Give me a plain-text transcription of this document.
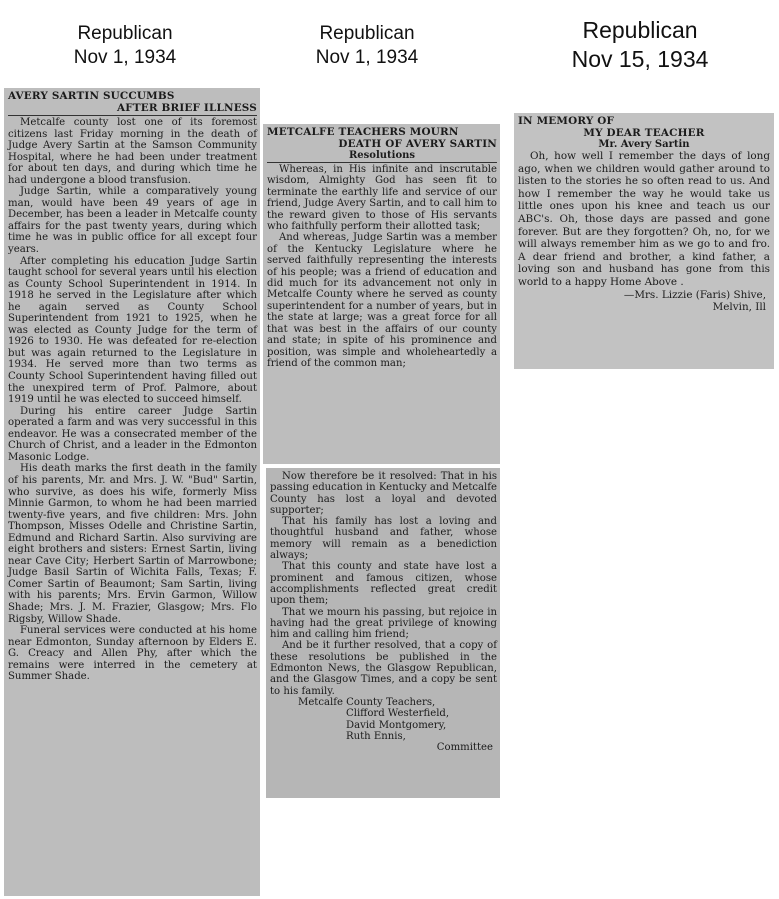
Republican
Nov 1, 1934
Republican
Nov 1, 1934
Republican
Nov 15, 1934
AVERY SARTIN SUCCUMBS
AFTER BRIEF ILLNESS

Metcalfe county lost one of its foremost citizens last Friday morning in the death of Judge Avery Sartin at the Samson Community Hospital, where he had been under treatment for about ten days, and during which time he had undergone a blood transfusion.

Judge Sartin, while a comparatively young man, would have been 49 years of age in December, has been a leader in Metcalfe county affairs for the past twenty years, during which time he was in public office for all except four years.

After completing his education Judge Sartin taught school for several years until his election as County School Superintendent in 1914. In 1918 he served in the Legislature after which he again served as County School Superintendent from 1921 to 1925, when he was elected as County Judge for the term of 1926 to 1930. He was defeated for re-election but was again returned to the Legislature in 1934. He served more than two terms as County School Superintendent having filled out the unexpired term of Prof. Palmore, about 1919 until he was elected to succeed himself.

During his entire career Judge Sartin operated a farm and was very successful in this endeavor. He was a consecrated member of the Church of Christ, and a leader in the Edmonton Masonic Lodge.

His death marks the first death in the family of his parents, Mr. and Mrs. J. W. "Bud" Sartin, who survive, as does his wife, formerly Miss Minnie Garmon, to whom he had been married twenty-five years, and five children: Mrs. John Thompson, Misses Odelle and Christine Sartin, Edmund and Richard Sartin. Also surviving are eight brothers and sisters: Ernest Sartin, living near Cave City; Herbert Sartin of Marrowbone; Judge Basil Sartin of Wichita Falls, Texas; F. Comer Sartin of Beaumont; Sam Sartin, living with his parents; Mrs. Ervin Garmon, Willow Shade; Mrs. J. M. Frazier, Glasgow; Mrs. Flo Rigsby, Willow Shade.

Funeral services were conducted at his home near Edmonton, Sunday afternoon by Elders E. G. Creacy and Allen Phy, after which the remains were interred in the cemetery at Summer Shade.

METCALFE TEACHERS MOURN
DEATH OF AVERY SARTIN
Resolutions

Whereas, in His infinite and inscrutable wisdom, Almighty God has seen fit to terminate the earthly life and service of our friend, Judge Avery Sartin, and to call him to the reward given to those of His servants who faithfully perform their allotted task;

And whereas, Judge Sartin was a member of the Kentucky Legislature where he served faithfully representing the interests of his people; was a friend of education and did much for its advancement not only in Metcalfe County where he served as county superintendent for a number of years, but in the state at large; was a great force for all that was best in the affairs of our county and state; in spite of his prominence and position, was simple and wholeheartedly a friend of the common man;

Now therefore be it resolved: That in his passing education in Kentucky and Metcalfe County has lost a loyal and devoted supporter;

That his family has lost a loving and thoughtful husband and father, whose memory will remain as a benediction always;

That this county and state have lost a prominent and famous citizen, whose accomplishments reflected great credit upon them;

That we mourn his passing, but rejoice in having had the great privilege of knowing him and calling him friend;

And be it further resolved, that a copy of these resolutions be published in the Edmonton News, the Glasgow Republican, and the Glasgow Times, and a copy be sent to his family.

Metcalfe County Teachers,
Clifford Westerfield,
David Montgomery,
Ruth Ennis,
Committee
IN MEMORY OF
MY DEAR TEACHER
Mr. Avery Sartin

Oh, how well I remember the days of long ago, when we children would gather around to listen to the stories he so often read to us. And how I remember the way he would take us little ones upon his knee and teach us our ABC's. Oh, those days are passed and gone forever. But are they forgotten? Oh, no, for we will always remember him as we go to and fro. A dear friend and brother, a kind father, a loving son and husband has gone from this world to a happy Home Above .

—Mrs. Lizzie (Faris) Shive,
Melvin, Ill
